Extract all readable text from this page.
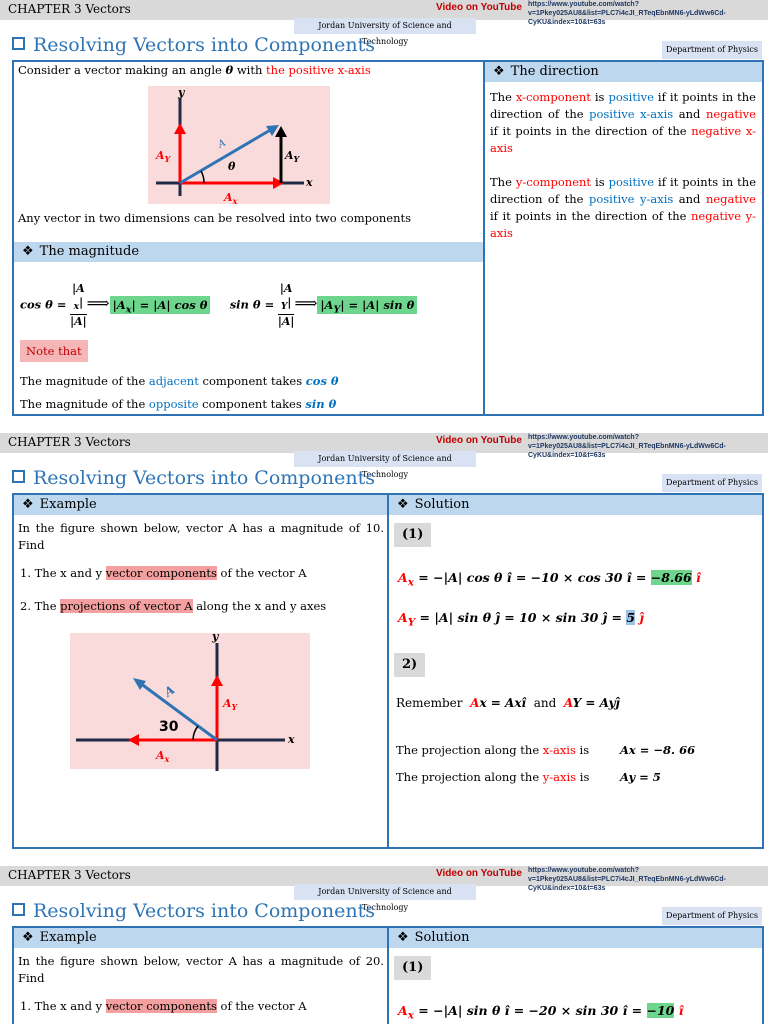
CHAPTER 3 Vectors	Video on YouTube https://www.youtube.com/watch?v=1Pkey025AU8&list=PLC7i4cJI_RTeqEbnMN6-yLdWw6Cd-CyKU&index=10&t=63s
Jordan University of Science and Technology
Resolving Vectors into Components	Department of Physics
Consider a vector making an angle θ with the positive x-axis
y
x
θ
A
$A_Y$	$A_Y$
$A_x$
Any vector in two dimensions can be resolved into two components
❖ The magnitude
cos θ = |A
$_x$|
|A| ⟹ $|A_x| = |A|$ cos θ sin θ = |A
$_Y$|
|A| ⟹ $|A_Y| = |A|$ sin θ
Note that
The magnitude of the adjacent component takes cos θ
The magnitude of the opposite component takes sin θ
❖ The direction
The x-component is positive if it points in the direction of the positive x-axis and negative if it points in the direction of the negative x-axis
The y-component is positive if it points in the direction of the positive y-axis and negative if it points in the direction of the negative y-axis
CHAPTER 3 Vectors	Video on YouTube https://www.youtube.com/watch?v=1Pkey025AU8&list=PLC7i4cJI_RTeqEbnMN6-yLdWw6Cd-CyKU&index=10&t=63s
Jordan University of Science and Technology
Resolving Vectors into Components	Department of Physics
❖ Example	❖ Solution
In the figure shown below, vector A has a magnitude of 10. Find
1. The x and y vector components of the vector A
2. The projections of vector A along the x and y axes
y
x
30
A
$A_Y$
$A_x$
(1)
$A_x = -|A|$ cos θ î = −10 × cos 30 î = −8.66 î
$A_Y = |A|$ sin θ ĵ = 10 × sin 30 ĵ = 5 ĵ
2)
Remember Ax = Axî and AY = Ayĵ
The projection along the x-axis is	Ax = −8. 66
The projection along the y-axis is	Ay = 5
CHAPTER 3 Vectors	Video on YouTube https://www.youtube.com/watch?v=1Pkey025AU8&list=PLC7i4cJI_RTeqEbnMN6-yLdWw6Cd-CyKU&index=10&t=63s
Jordan University of Science and Technology
Resolving Vectors into Components	Department of Physics
❖ Example	❖ Solution
In the figure shown below, vector A has a magnitude of 20. Find
1. The x and y vector components of the vector A
(1)
$A_x = -|A|$ sin θ î = −20 × sin 30 î = −10 î
